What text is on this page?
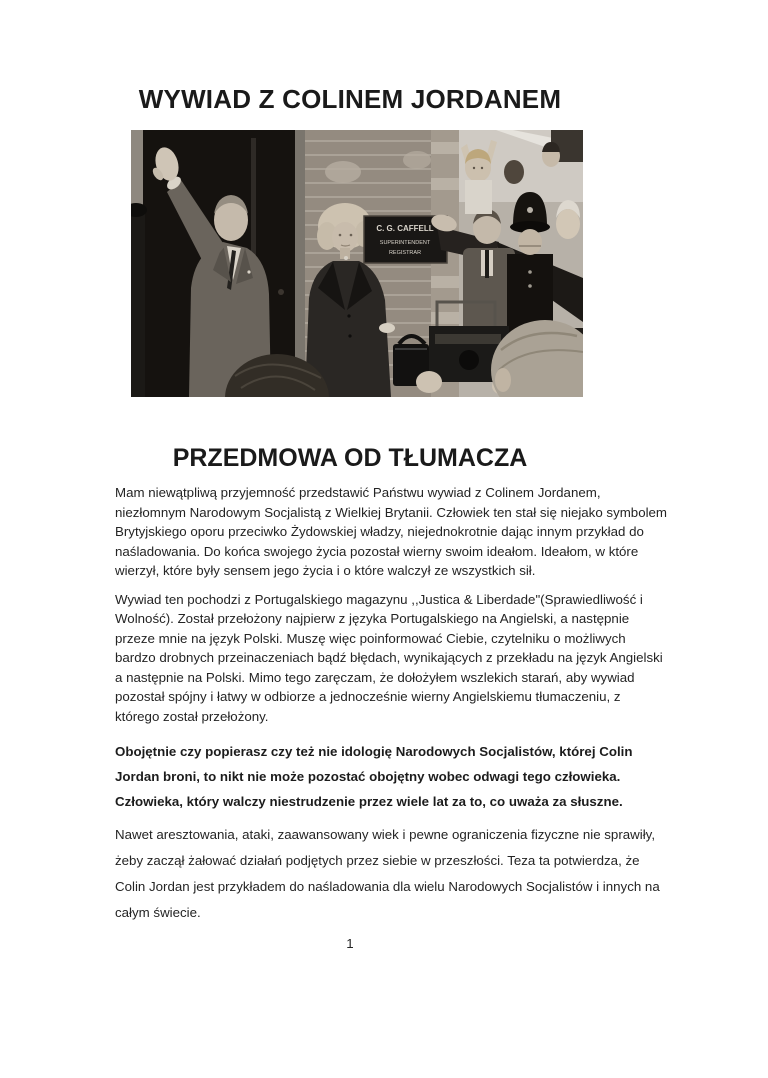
WYWIAD Z COLINEM JORDANEM
C. G. CAFFELL
SUPERINTENDENT
REGISTRAR
PRZEDMOWA OD TŁUMACZA

Mam niewątpliwą przyjemność przedstawić Państwu wywiad z Colinem Jordanem, niezłomnym Narodowym Socjalistą z Wielkiej Brytanii. Człowiek ten stał się niejako symbolem Brytyjskiego oporu przeciwko Żydowskiej władzy, niejednokrotnie dając innym przykład do naśladowania. Do końca swojego życia pozostał wierny swoim ideałom. Ideałom, w które wierzył, które były sensem jego życia i o które walczył ze wszystkich sił.

Wywiad ten pochodzi z Portugalskiego magazynu ,,Justica & Liberdade"(Sprawiedliwość i Wolność). Został przełożony najpierw z języka Portugalskiego na Angielski, a następnie przeze mnie na język Polski. Muszę więc poinformować Ciebie, czytelniku o możliwych bardzo drobnych przeinaczeniach bądź błędach, wynikających z przekładu na język Angielski a następnie na Polski. Mimo tego zaręczam, że dołożyłem wszlekich starań, aby wywiad pozostał spójny i łatwy w odbiorze a jednocześnie wierny Angielskiemu tłumaczeniu, z którego został przełożony.

Obojętnie czy popierasz czy też nie idologię Narodowych Socjalistów, której Colin Jordan broni, to nikt nie może pozostać obojętny wobec odwagi tego człowieka. Człowieka, który walczy niestrudzenie przez wiele lat za to, co uważa za słuszne.

Nawet aresztowania, ataki, zaawansowany wiek i pewne ograniczenia fizyczne nie sprawiły, żeby zaczął żałować działań podjętych przez siebie w przeszłości. Teza ta potwierdza, że Colin Jordan jest przykładem do naśladowania dla wielu Narodowych Socjalistów i innych na całym świecie.

1
